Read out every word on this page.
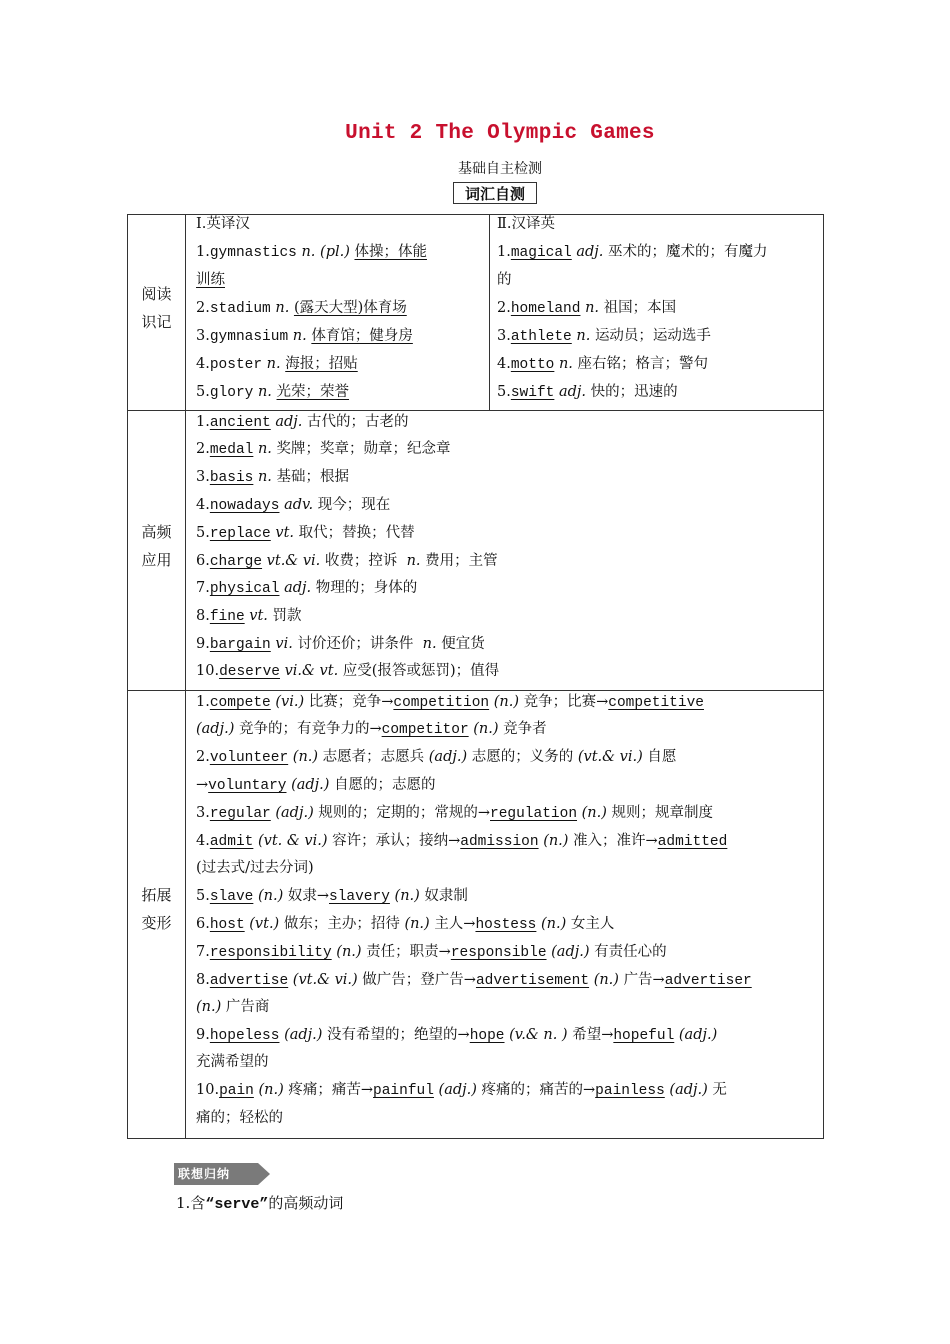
Unit 2 The Olympic Games
基础自主检测
词汇自测
阅读
识记
高频
应用
拓展
变形
Ⅰ.英译汉
1.gymnastics n. (pl.) 体操；体能
训练
2.stadium n. (露天大型)体育场
3.gymnasium n. 体育馆；健身房
4.poster n. 海报；招贴
5.glory n. 光荣；荣誉
Ⅱ.汉译英
1.magical adj. 巫术的；魔术的；有魔力
的
2.homeland n. 祖国；本国
3.athlete n. 运动员；运动选手
4.motto n. 座右铭；格言；警句
5.swift adj. 快的；迅速的
1.ancient adj. 古代的；古老的
2.medal n. 奖牌；奖章；勋章；纪念章
3.basis n. 基础；根据
4.nowadays adv. 现今；现在
5.replace vt. 取代；替换；代替
6.charge vt.& vi. 收费；控诉 n. 费用；主管
7.physical adj. 物理的；身体的
8.fine vt. 罚款
9.bargain vi. 讨价还价；讲条件 n. 便宜货
10.deserve vi.& vt. 应受(报答或惩罚)；值得
1.compete (vi.) 比赛；竞争→competition (n.) 竞争；比赛→competitive
(adj.) 竞争的；有竞争力的→competitor (n.) 竞争者
2.volunteer (n.) 志愿者；志愿兵 (adj.) 志愿的；义务的 (vt.& vi.) 自愿
→voluntary (adj.) 自愿的；志愿的
3.regular (adj.) 规则的；定期的；常规的→regulation (n.) 规则；规章制度
4.admit (vt. & vi.) 容许；承认；接纳→admission (n.) 准入；准许→admitted
(过去式/过去分词)
5.slave (n.) 奴隶→slavery (n.) 奴隶制
6.host (vt.) 做东；主办；招待 (n.) 主人→hostess (n.) 女主人
7.responsibility (n.) 责任；职责→responsible (adj.) 有责任心的
8.advertise (vt.& vi.) 做广告；登广告→advertisement (n.) 广告→advertiser
(n.) 广告商
9.hopeless (adj.) 没有希望的；绝望的→hope (v.& n. ) 希望→hopeful (adj.)
充满希望的
10.pain (n.) 疼痛；痛苦→painful (adj.) 疼痛的；痛苦的→painless (adj.) 无
痛的；轻松的
联想归纳
1.含“serve”的高频动词
